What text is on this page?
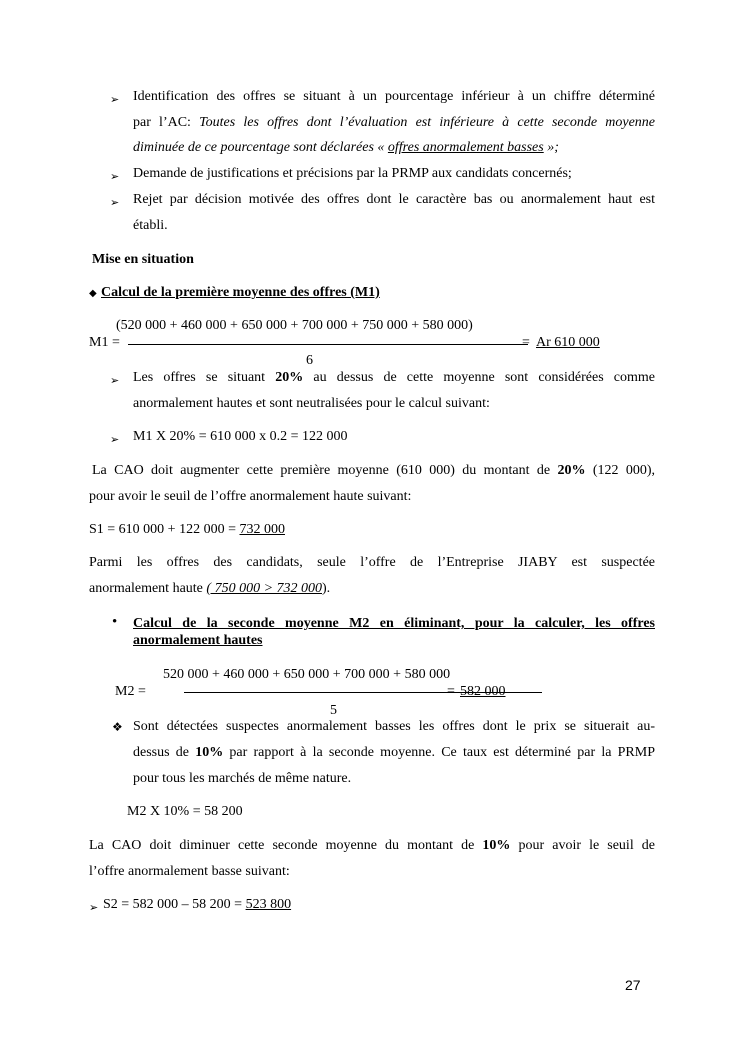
➢ Identification des offres se situant à un pourcentage inférieur à un chiffre déterminé
par l’AC: Toutes les offres dont l’évaluation est inférieure à cette seconde moyenne
diminuée de ce pourcentage sont déclarées « offres anormalement basses »;
➢ Demande de justifications et précisions par la PRMP aux candidats concernés;
➢ Rejet par décision motivée des offres dont le caractère bas ou anormalement haut est
établi.
Mise en situation
◆ Calcul de la première moyenne des offres (M1)
(520 000 + 460 000 + 650 000 + 700 000 + 750 000 + 580 000)
M1 =	= Ar 610 000
6
➢ Les offres se situant 20% au dessus de cette moyenne sont considérées comme
anormalement hautes et sont neutralisées pour le calcul suivant:
➢ M1 X 20% = 610 000 x 0.2 = 122 000
La CAO doit augmenter cette première moyenne (610 000) du montant de 20% (122 000),
pour avoir le seuil de l’offre anormalement haute suivant:
S1 = 610 000 + 122 000 = 732 000
Parmi les offres des candidats, seule l’offre de l’Entreprise JIABY est suspectée
anormalement haute ( 750 000 > 732 000).
• Calcul de la seconde moyenne M2 en éliminant, pour la calculer, les offres
anormalement hautes
520 000 + 460 000 + 650 000 + 700 000 + 580 000
M2 =	= 582 000
5
❖ Sont détectées suspectes anormalement basses les offres dont le prix se situerait au-
dessus de 10% par rapport à la seconde moyenne. Ce taux est déterminé par la PRMP
pour tous les marchés de même nature.
M2 X 10% = 58 200
La CAO doit diminuer cette seconde moyenne du montant de 10% pour avoir le seuil de
l’offre anormalement basse suivant:
➢ S2 = 582 000 – 58 200 = 523 800
27
